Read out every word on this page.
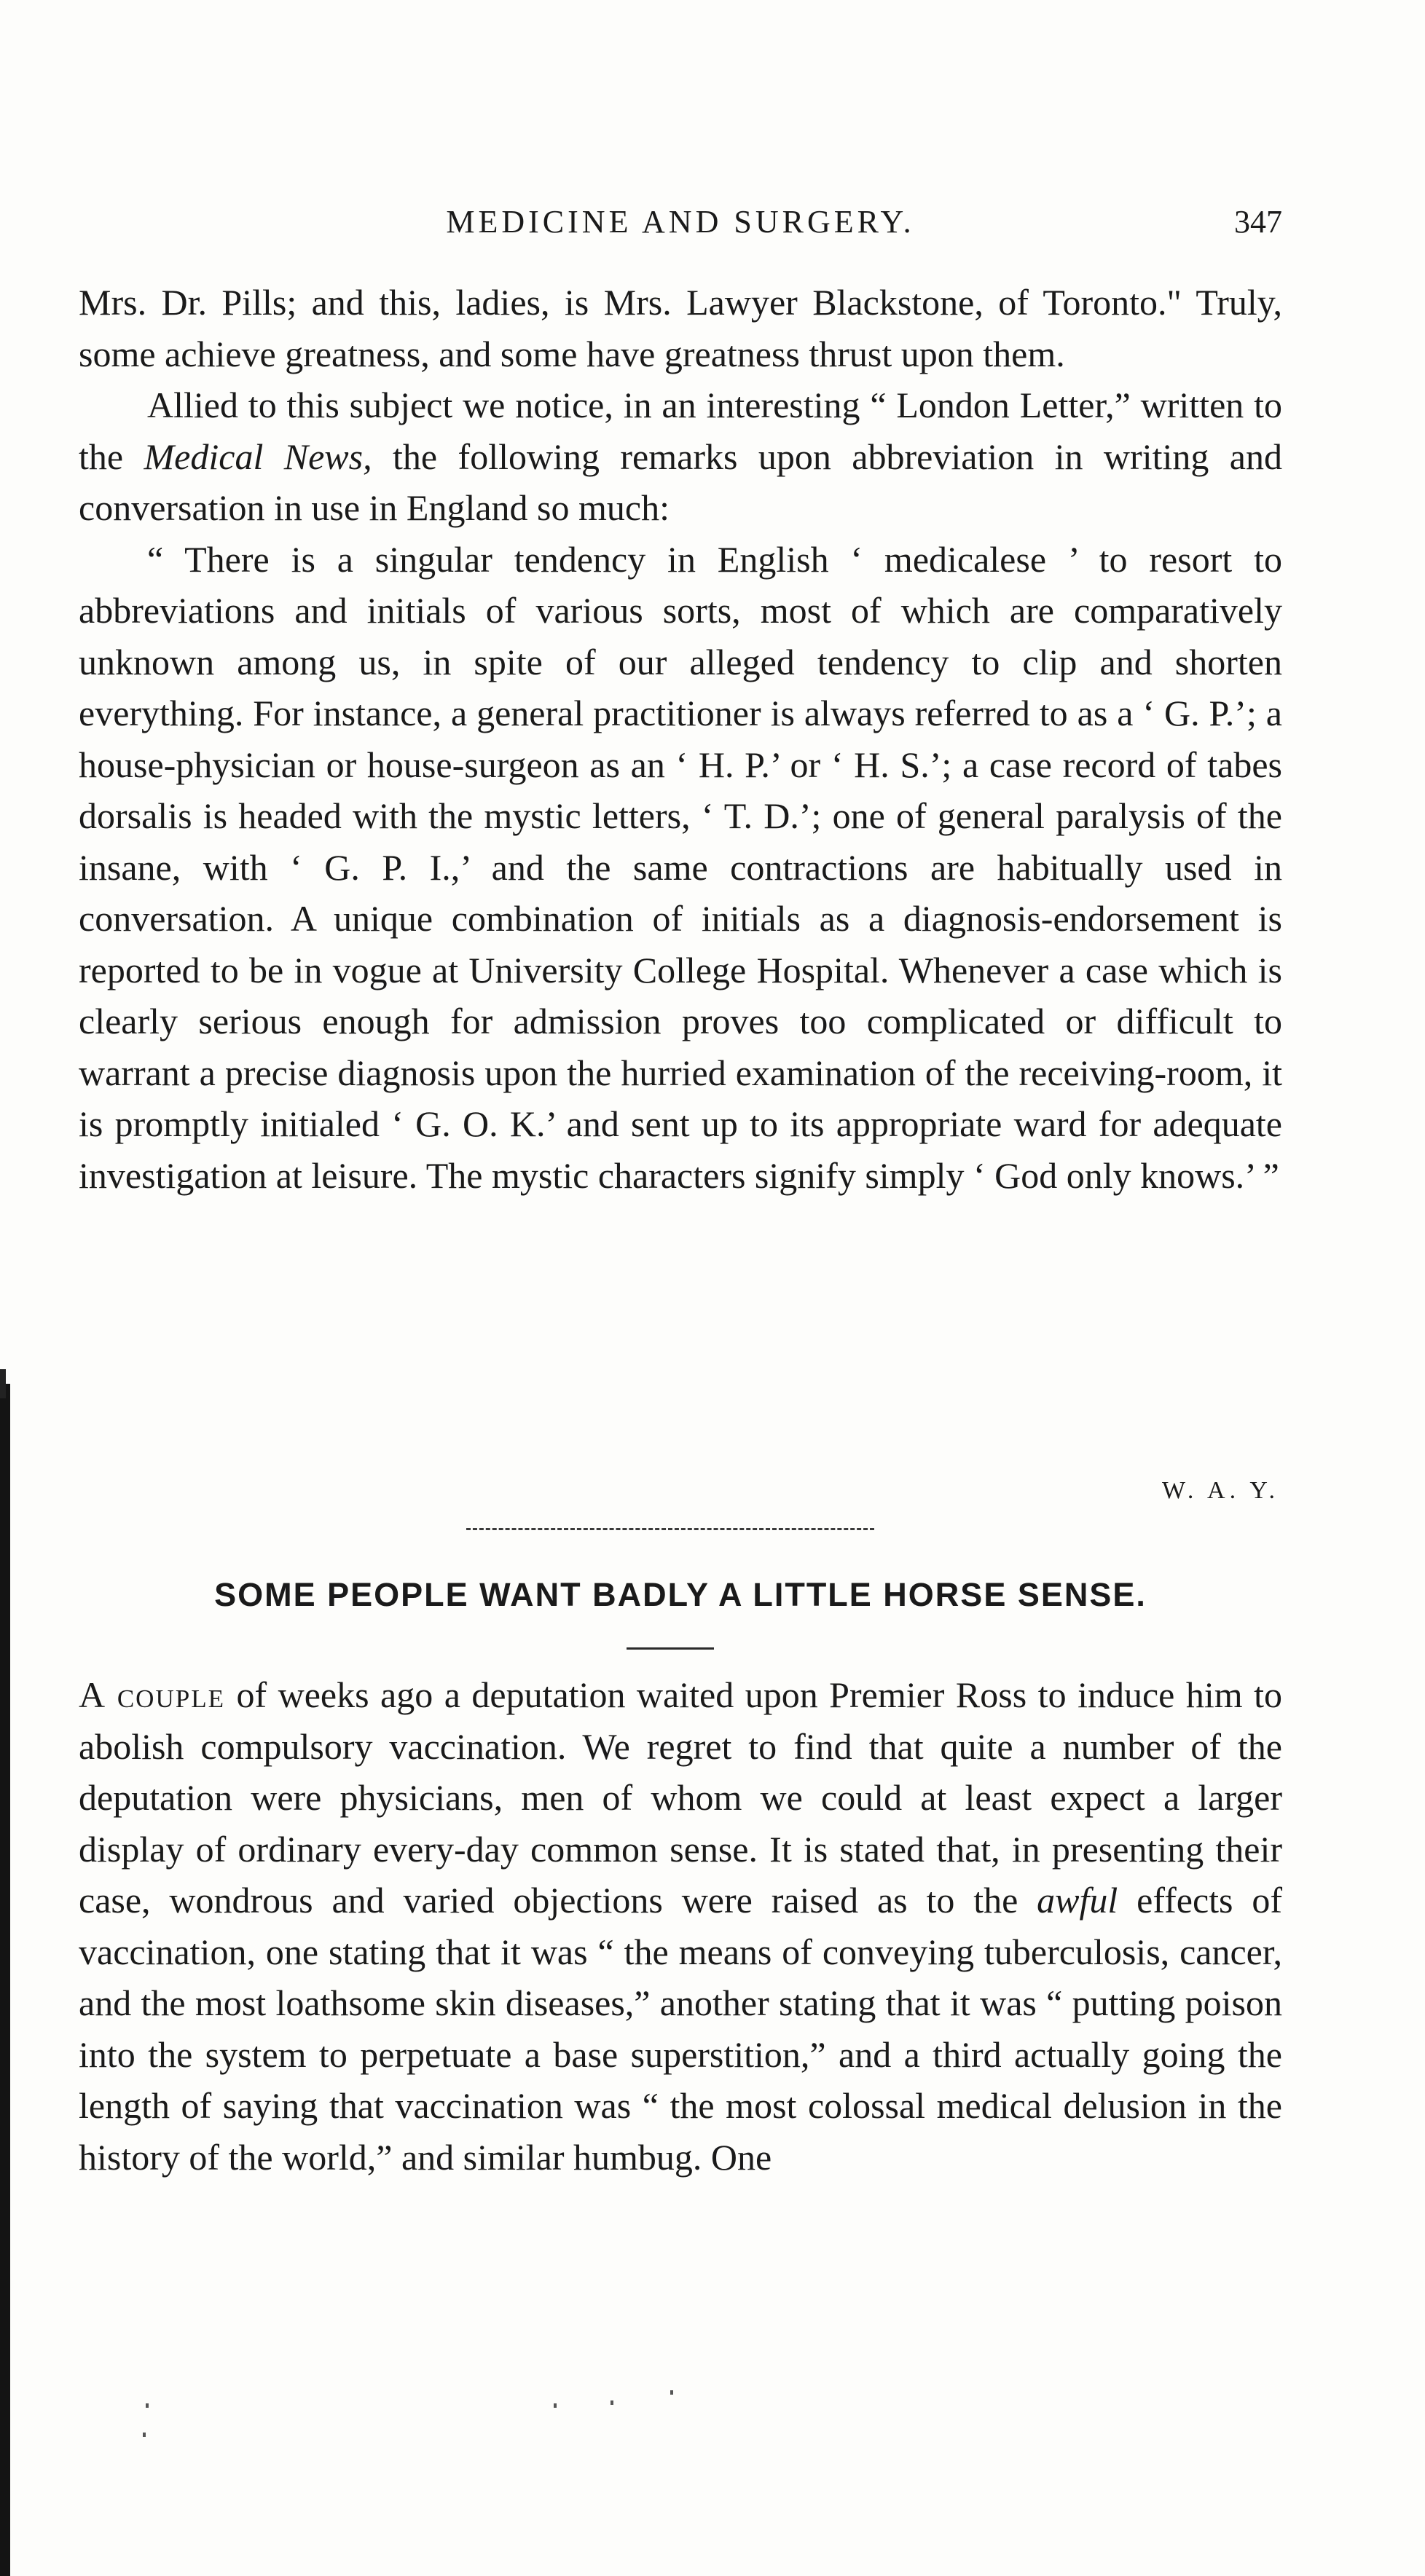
MEDICINE AND SURGERY.	347

Mrs. Dr. Pills; and this, ladies, is Mrs. Lawyer Blackstone, of Toronto." Truly, some achieve greatness, and some have greatness thrust upon them.

Allied to this subject we notice, in an interesting “ London Letter,” written to the Medical News, the following remarks upon abbreviation in writing and conversation in use in England so much:

“ There is a singular tendency in English ‘ medicalese ’ to resort to abbreviations and initials of various sorts, most of which are comparatively unknown among us, in spite of our alleged tendency to clip and shorten everything. For instance, a general practitioner is always referred to as a ‘ G. P.’; a house-physician or house-surgeon as an ‘ H. P.’ or ‘ H. S.’; a case record of tabes dorsalis is headed with the mystic letters, ‘ T. D.’; one of general paralysis of the insane, with ‘ G. P. I.,’ and the same contractions are habitually used in conversation. A unique combination of initials as a diagnosis-endorsement is reported to be in vogue at University College Hospital. Whenever a case which is clearly serious enough for admission proves too complicated or difficult to warrant a precise diagnosis upon the hurried examination of the receiving-room, it is promptly initialed ‘ G. O. K.’ and sent up to its appropriate ward for adequate investigation at leisure. The mystic characters signify simply ‘ God only knows.’ ”

W. A. Y.
SOME PEOPLE WANT BADLY A LITTLE HORSE SENSE.

A couple of weeks ago a deputation waited upon Premier Ross to induce him to abolish compulsory vaccination. We regret to find that quite a number of the deputation were physicians, men of whom we could at least expect a larger display of ordinary every-day common sense. It is stated that, in presenting their case, wondrous and varied objections were raised as to the awful effects of vaccination, one stating that it was “ the means of conveying tuberculosis, cancer, and the most loathsome skin diseases,” another stating that it was “ putting poison into the system to perpetuate a base superstition,” and a third actually going the length of saying that vaccination was “ the most colossal medical delusion in the history of the world,” and similar humbug. One
